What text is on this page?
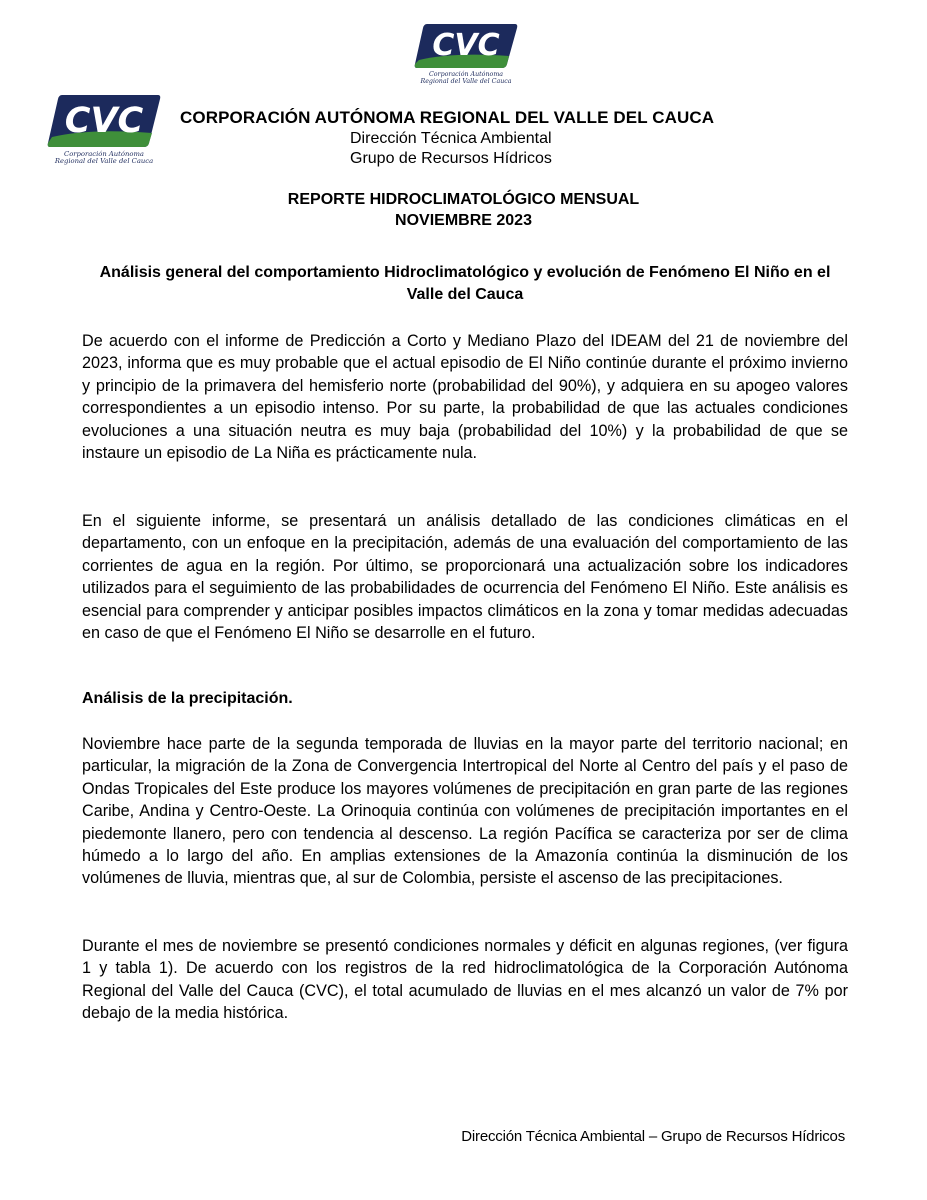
CVC
Corporación Autónoma
Regional del Valle del Cauca
CVC
Corporación Autónoma
Regional del Valle del Cauca
CORPORACIÓN AUTÓNOMA REGIONAL DEL VALLE DEL CAUCA
Dirección Técnica Ambiental
Grupo de Recursos Hídricos
REPORTE HIDROCLIMATOLÓGICO MENSUAL
NOVIEMBRE 2023
Análisis general del comportamiento Hidroclimatológico y evolución de Fenómeno El Niño en el Valle del Cauca

De acuerdo con el informe de Predicción a Corto y Mediano Plazo del IDEAM del 21 de noviembre del 2023, informa que es muy probable que el actual episodio de El Niño continúe durante el próximo invierno y principio de la primavera del hemisferio norte (probabilidad del 90%), y adquiera en su apogeo valores correspondientes a un episodio intenso. Por su parte, la probabilidad de que las actuales condiciones evoluciones a una situación neutra es muy baja (probabilidad del 10%) y la probabilidad de que se instaure un episodio de La Niña es prácticamente nula.

En el siguiente informe, se presentará un análisis detallado de las condiciones climáticas en el departamento, con un enfoque en la precipitación, además de una evaluación del comportamiento de las corrientes de agua en la región. Por último, se proporcionará una actualización sobre los indicadores utilizados para el seguimiento de las probabilidades de ocurrencia del Fenómeno El Niño. Este análisis es esencial para comprender y anticipar posibles impactos climáticos en la zona y tomar medidas adecuadas en caso de que el Fenómeno El Niño se desarrolle en el futuro.

Análisis de la precipitación.

Noviembre hace parte de la segunda temporada de lluvias en la mayor parte del territorio nacional; en particular, la migración de la Zona de Convergencia Intertropical del Norte al Centro del país y el paso de Ondas Tropicales del Este produce los mayores volúmenes de precipitación en gran parte de las regiones Caribe, Andina y Centro-Oeste. La Orinoquia continúa con volúmenes de precipitación importantes en el piedemonte llanero, pero con tendencia al descenso. La región Pacífica se caracteriza por ser de clima húmedo a lo largo del año. En amplias extensiones de la Amazonía continúa la disminución de los volúmenes de lluvia, mientras que, al sur de Colombia, persiste el ascenso de las precipitaciones.

Durante el mes de noviembre se presentó condiciones normales y déficit en algunas regiones, (ver figura 1 y tabla 1). De acuerdo con los registros de la red hidroclimatológica de la Corporación Autónoma Regional del Valle del Cauca (CVC), el total acumulado de lluvias en el mes alcanzó un valor de 7% por debajo de la media histórica.

Dirección Técnica Ambiental – Grupo de Recursos Hídricos
